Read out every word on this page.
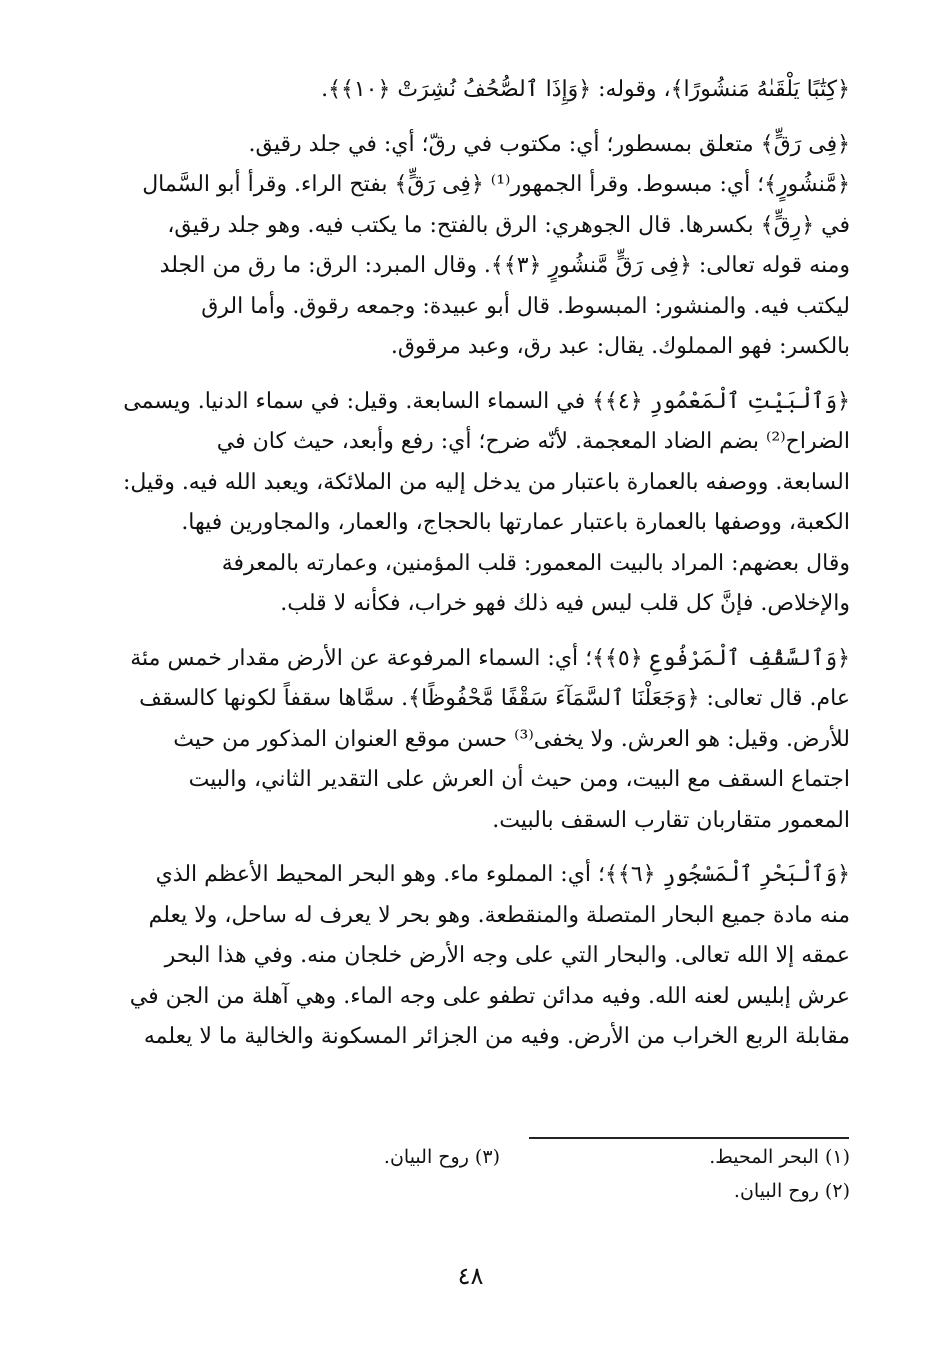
﴿كِتَٰبًا يَلْقَىٰهُ مَنشُورًا﴾، وقوله: ﴿وَإِذَا ٱلصُّحُفُ نُشِرَتْ ﴿١٠﴾﴾.

﴿فِى رَقٍّ﴾ متعلق بمسطور؛ أي: مكتوب في رقّ؛ أي: في جلد رقيق.

﴿مَّنشُورٍ﴾؛ أي: مبسوط. وقرأ الجمهور⁽¹⁾ ﴿فِى رَقٍّ﴾ بفتح الراء. وقرأ أبو السَّمال

في ﴿رِقٍّ﴾ بكسرها. قال الجوهري: الرق بالفتح: ما يكتب فيه. وهو جلد رقيق،

ومنه قوله تعالى: ﴿فِى رَقٍّ مَّنشُورٍ ﴿٣﴾﴾. وقال المبرد: الرق: ما رق من الجلد

ليكتب فيه. والمنشور: المبسوط. قال أبو عبيدة: وجمعه رقوق. وأما الرق

بالكسر: فهو المملوك. يقال: عبد رق، وعبد مرقوق.

﴿وَٱلْبَيْتِ ٱلْمَعْمُورِ ﴿٤﴾﴾ في السماء السابعة. وقيل: في سماء الدنيا. ويسمى

الضراح⁽²⁾ بضم الضاد المعجمة. لأنّه ضرح؛ أي: رفع وأبعد، حيث كان في

السابعة. ووصفه بالعمارة باعتبار من يدخل إليه من الملائكة، ويعبد الله فيه. وقيل:

الكعبة، ووصفها بالعمارة باعتبار عمارتها بالحجاج، والعمار، والمجاورين فيها.

وقال بعضهم: المراد بالبيت المعمور: قلب المؤمنين، وعمارته بالمعرفة

والإخلاص. فإنَّ كل قلب ليس فيه ذلك فهو خراب، فكأنه لا قلب.

﴿وَٱلسَّقْفِ ٱلْمَرْفُوعِ ﴿٥﴾﴾؛ أي: السماء المرفوعة عن الأرض مقدار خمس مئة

عام. قال تعالى: ﴿وَجَعَلْنَا ٱلسَّمَآءَ سَقْفًا مَّحْفُوظًا﴾. سمَّاها سقفاً لكونها كالسقف

للأرض. وقيل: هو العرش. ولا يخفى⁽³⁾ حسن موقع العنوان المذكور من حيث

اجتماع السقف مع البيت، ومن حيث أن العرش على التقدير الثاني، والبيت

المعمور متقاربان تقارب السقف بالبيت.

﴿وَٱلْبَحْرِ ٱلْمَسْجُورِ ﴿٦﴾﴾؛ أي: المملوء ماء. وهو البحر المحيط الأعظم الذي

منه مادة جميع البحار المتصلة والمنقطعة. وهو بحر لا يعرف له ساحل، ولا يعلم

عمقه إلا الله تعالى. والبحار التي على وجه الأرض خلجان منه. وفي هذا البحر

عرش إبليس لعنه الله. وفيه مدائن تطفو على وجه الماء. وهي آهلة من الجن في

مقابلة الربع الخراب من الأرض. وفيه من الجزائر المسكونة والخالية ما لا يعلمه

(١) البحر المحيط.
(٣) روح البيان.
(٢) روح البيان.
٤٨
